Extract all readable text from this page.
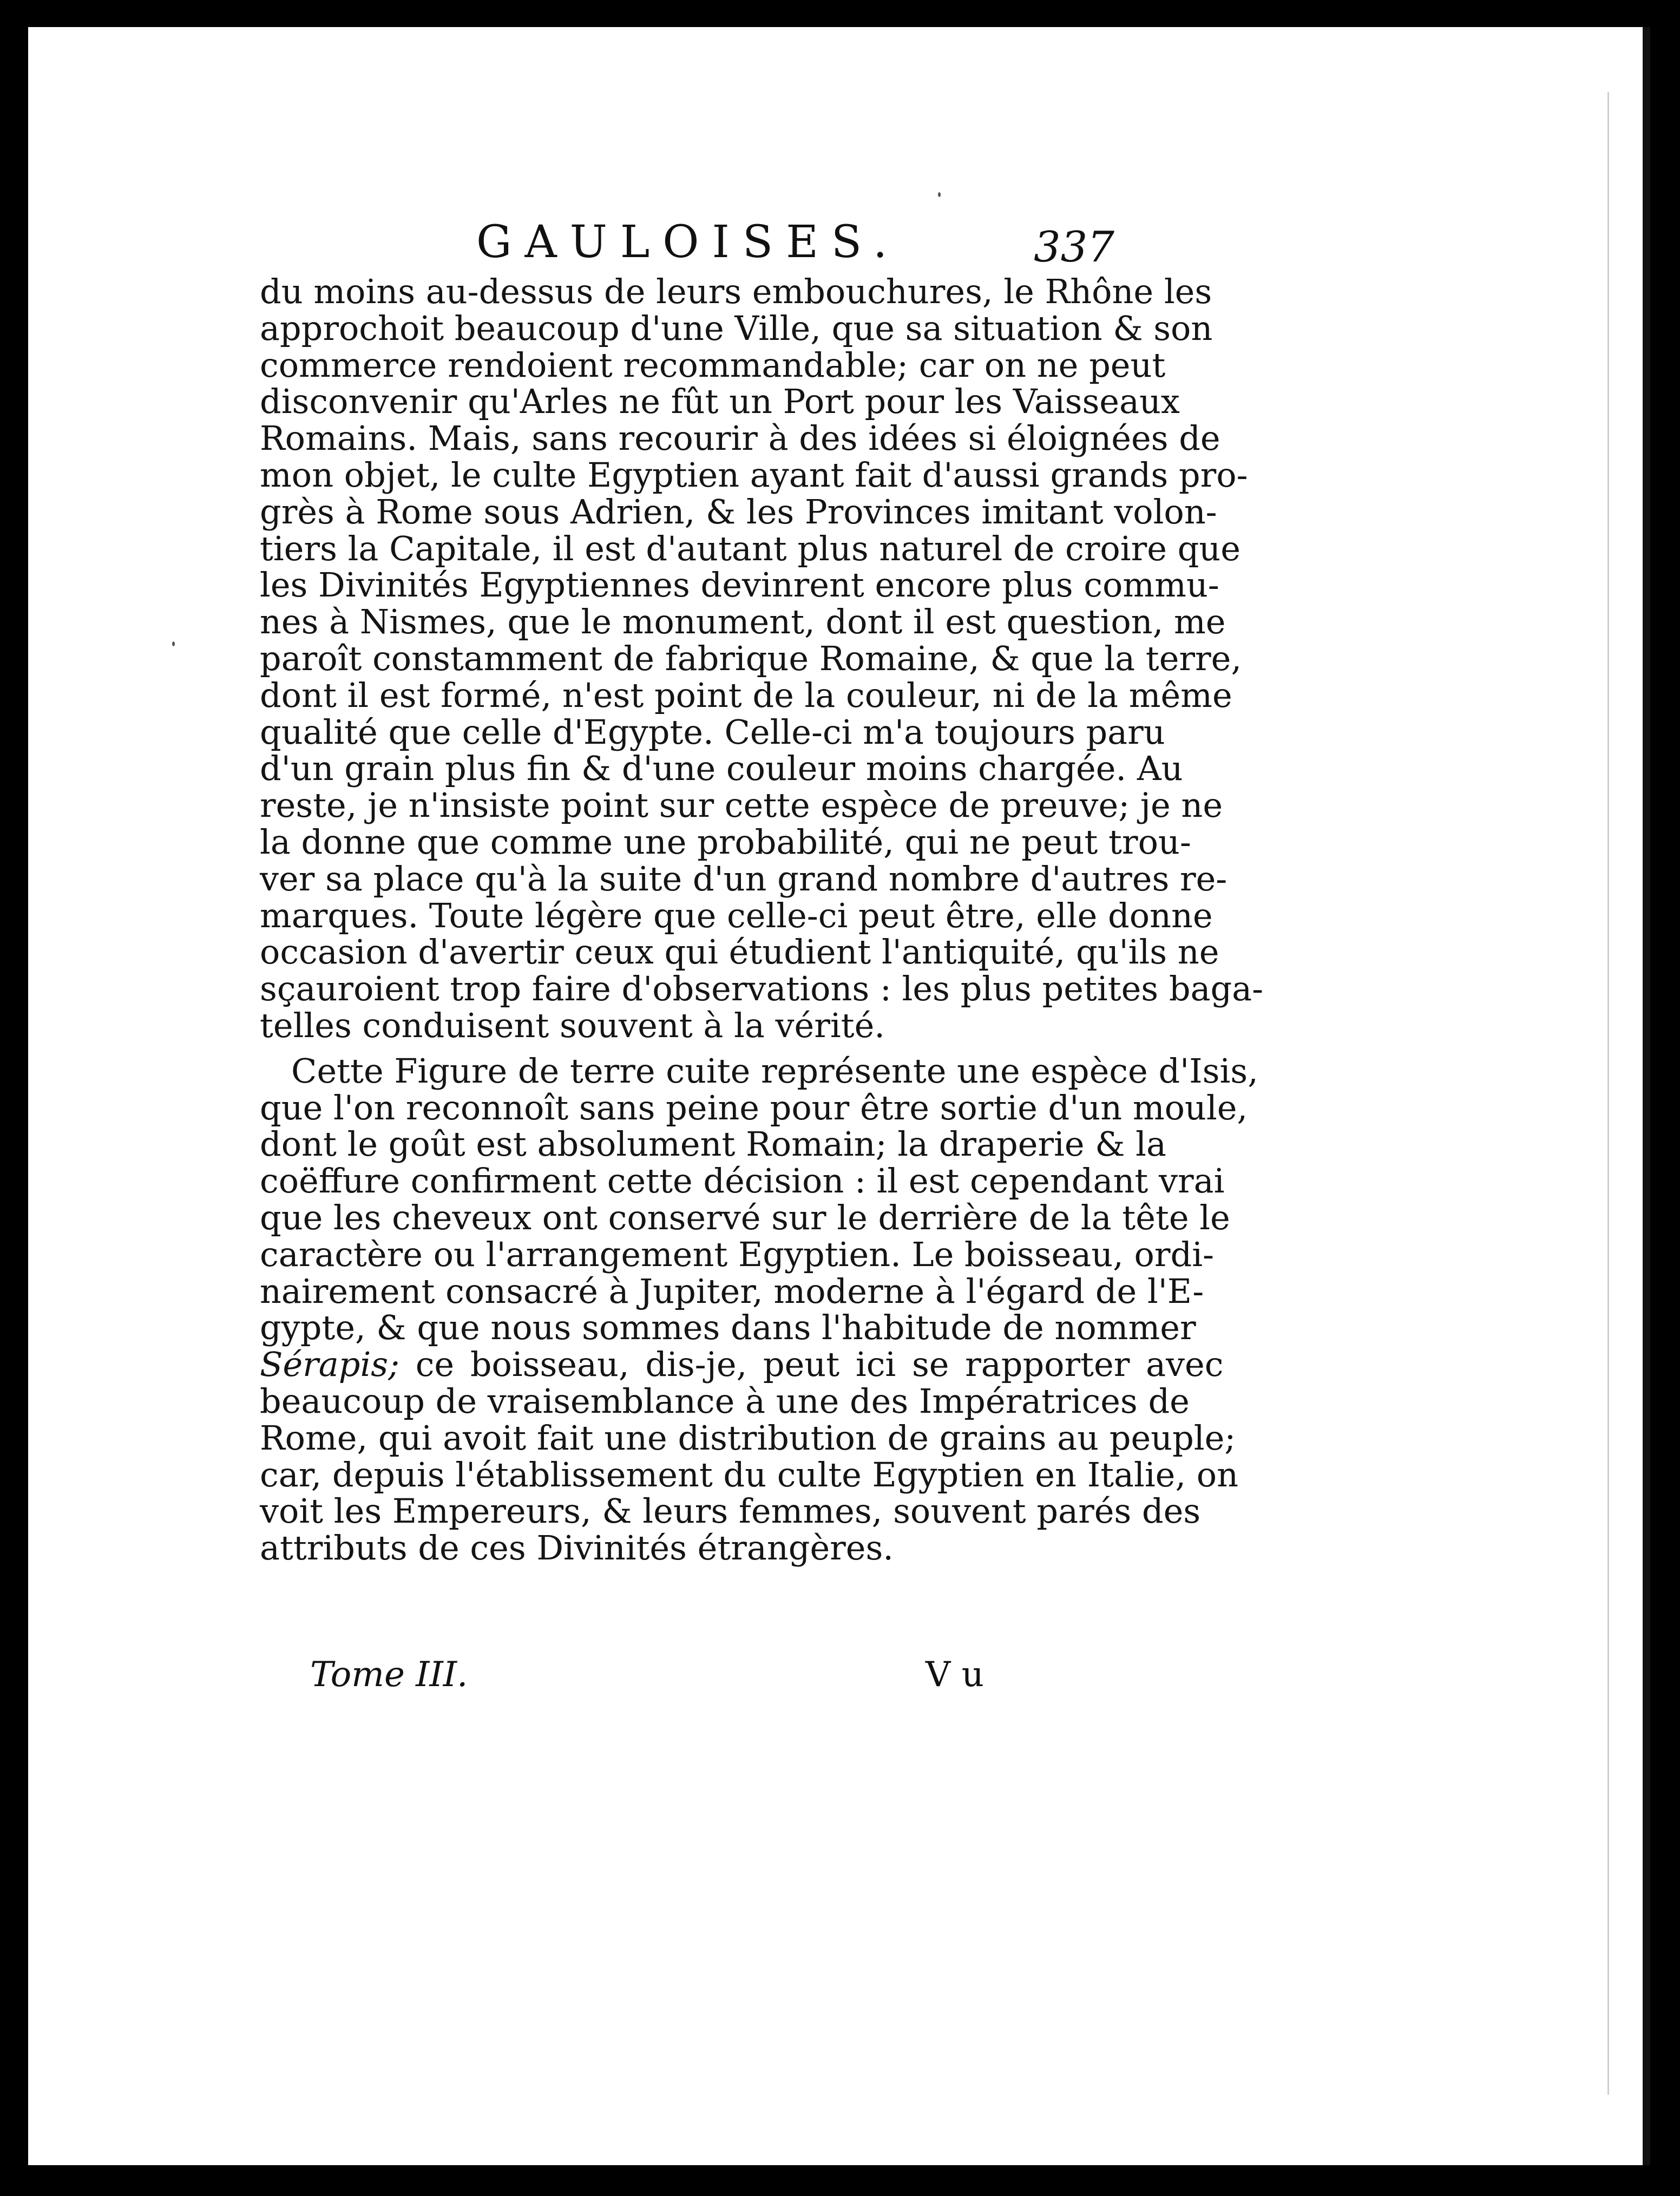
GAULOISES.	337
du moins au-dessus de leurs embouchures, le Rhône les
approchoit beaucoup d'une Ville, que sa situation & son
commerce rendoient recommandable; car on ne peut
disconvenir qu'Arles ne fût un Port pour les Vaisseaux
Romains. Mais, sans recourir à des idées si éloignées de
mon objet, le culte Egyptien ayant fait d'aussi grands pro-
grès à Rome sous Adrien, & les Provinces imitant volon-
tiers la Capitale, il est d'autant plus naturel de croire que
les Divinités Egyptiennes devinrent encore plus commu-
nes à Nismes, que le monument, dont il est question, me
paroît constamment de fabrique Romaine, & que la terre,
dont il est formé, n'est point de la couleur, ni de la même
qualité que celle d'Egypte. Celle-ci m'a toujours paru
d'un grain plus fin & d'une couleur moins chargée. Au
reste, je n'insiste point sur cette espèce de preuve; je ne
la donne que comme une probabilité, qui ne peut trou-
ver sa place qu'à la suite d'un grand nombre d'autres re-
marques. Toute légère que celle-ci peut être, elle donne
occasion d'avertir ceux qui étudient l'antiquité, qu'ils ne
sçauroient trop faire d'observations : les plus petites baga-
telles conduisent souvent à la vérité.
Cette Figure de terre cuite représente une espèce d'Isis,
que l'on reconnoît sans peine pour être sortie d'un moule,
dont le goût est absolument Romain; la draperie & la
coëffure confirment cette décision : il est cependant vrai
que les cheveux ont conservé sur le derrière de la tête le
caractère ou l'arrangement Egyptien. Le boisseau, ordi-
nairement consacré à Jupiter, moderne à l'égard de l'E-
gypte, & que nous sommes dans l'habitude de nommer
Sérapis; ce boisseau, dis-je, peut ici se rapporter avec
beaucoup de vraisemblance à une des Impératrices de
Rome, qui avoit fait une distribution de grains au peuple;
car, depuis l'établissement du culte Egyptien en Italie, on
voit les Empereurs, & leurs femmes, souvent parés des
attributs de ces Divinités étrangères.
Tome III.	V u
